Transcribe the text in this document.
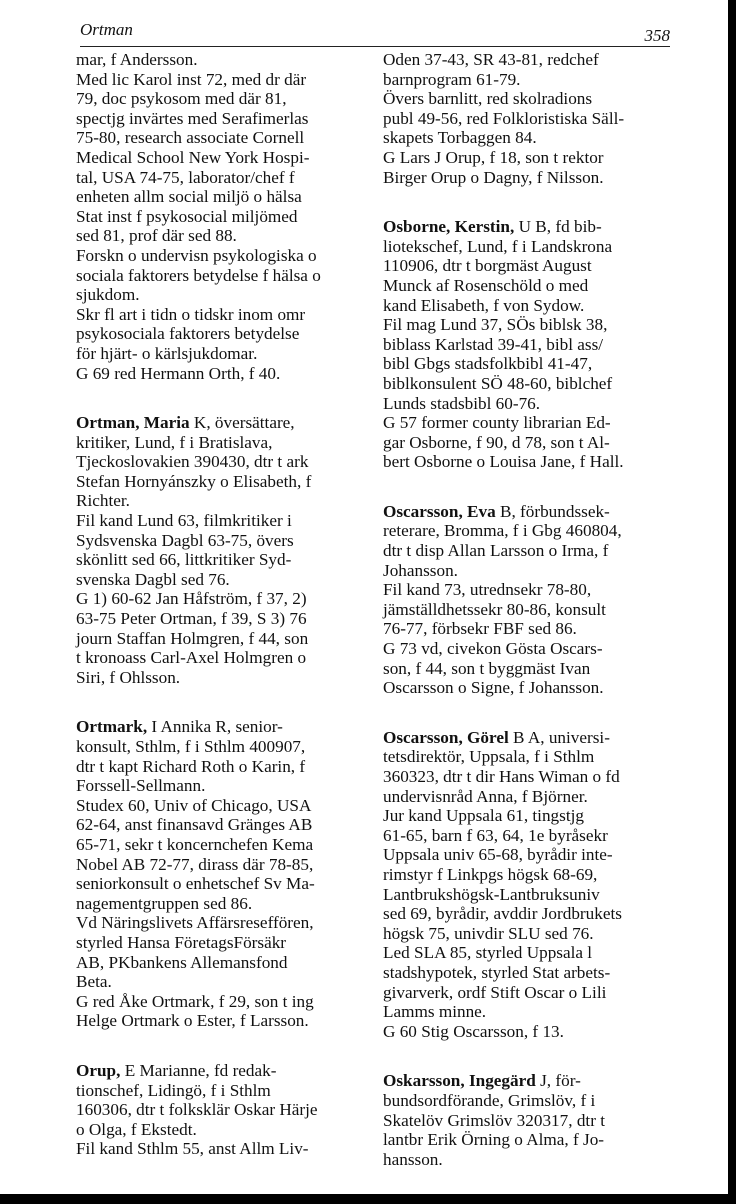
Ortman	358
mar, f Andersson.
Med lic Karol inst 72, med dr där
79, doc psykosom med där 81,
spectjg invärtes med Serafimerlas
75-80, research associate Cornell
Medical School New York Hospi-
tal, USA 74-75, laborator/chef f
enheten allm social miljö o hälsa
Stat inst f psykosocial miljömed
sed 81, prof där sed 88.
Forskn o undervisn psykologiska o
sociala faktorers betydelse f hälsa o
sjukdom.
Skr fl art i tidn o tidskr inom omr
psykosociala faktorers betydelse
för hjärt- o kärlsjukdomar.
G 69 red Hermann Orth, f 40.
Ortman, Maria K, översättare,
kritiker, Lund, f i Bratislava,
Tjeckoslovakien 390430, dtr t ark
Stefan Hornyánszky o Elisabeth, f
Richter.
Fil kand Lund 63, filmkritiker i
Sydsvenska Dagbl 63-75, övers
skönlitt sed 66, littkritiker Syd-
svenska Dagbl sed 76.
G 1) 60-62 Jan Håfström, f 37, 2)
63-75 Peter Ortman, f 39, S 3) 76
journ Staffan Holmgren, f 44, son
t kronoass Carl-Axel Holmgren o
Siri, f Ohlsson.
Ortmark, I Annika R, senior-
konsult, Sthlm, f i Sthlm 400907,
dtr t kapt Richard Roth o Karin, f
Forssell-Sellmann.
Studex 60, Univ of Chicago, USA
62-64, anst finansavd Gränges AB
65-71, sekr t koncernchefen Kema
Nobel AB 72-77, dirass där 78-85,
seniorkonsult o enhetschef Sv Ma-
nagementgruppen sed 86.
Vd Näringslivets Affärsreseffören,
styrled Hansa FöretagsFörsäkr
AB, PKbankens Allemansfond
Beta.
G red Åke Ortmark, f 29, son t ing
Helge Ortmark o Ester, f Larsson.
Orup, E Marianne, fd redak-
tionschef, Lidingö, f i Sthlm
160306, dtr t folksklär Oskar Härje
o Olga, f Ekstedt.
Fil kand Sthlm 55, anst Allm Liv-
Oden 37-43, SR 43-81, redchef
barnprogram 61-79.
Övers barnlitt, red skolradions
publ 49-56, red Folkloristiska Säll-
skapets Torbaggen 84.
G Lars J Orup, f 18, son t rektor
Birger Orup o Dagny, f Nilsson.
Osborne, Kerstin, U B, fd bib-
liotekschef, Lund, f i Landskrona
110906, dtr t borgmäst August
Munck af Rosenschöld o med
kand Elisabeth, f von Sydow.
Fil mag Lund 37, SÖs biblsk 38,
biblass Karlstad 39-41, bibl ass/
bibl Gbgs stadsfolkbibl 41-47,
biblkonsulent SÖ 48-60, biblchef
Lunds stadsbibl 60-76.
G 57 former county librarian Ed-
gar Osborne, f 90, d 78, son t Al-
bert Osborne o Louisa Jane, f Hall.
Oscarsson, Eva B, förbundssek-
reterare, Bromma, f i Gbg 460804,
dtr t disp Allan Larsson o Irma, f
Johansson.
Fil kand 73, utrednsekr 78-80,
jämställdhetssekr 80-86, konsult
76-77, förbsekr FBF sed 86.
G 73 vd, civekon Gösta Oscars-
son, f 44, son t byggmäst Ivan
Oscarsson o Signe, f Johansson.
Oscarsson, Görel B A, universi-
tetsdirektör, Uppsala, f i Sthlm
360323, dtr t dir Hans Wiman o fd
undervisnråd Anna, f Björner.
Jur kand Uppsala 61, tingstjg
61-65, barn f 63, 64, 1e byråsekr
Uppsala univ 65-68, byrådir inte-
rimstyr f Linkpgs högsk 68-69,
Lantbrukshögsk-Lantbruksuniv
sed 69, byrådir, avddir Jordbrukets
högsk 75, univdir SLU sed 76.
Led SLA 85, styrled Uppsala l
stadshypotek, styrled Stat arbets-
givarverk, ordf Stift Oscar o Lili
Lamms minne.
G 60 Stig Oscarsson, f 13.
Oskarsson, Ingegärd J, för-
bundsordförande, Grimslöv, f i
Skatelöv Grimslöv 320317, dtr t
lantbr Erik Örning o Alma, f Jo-
hansson.
